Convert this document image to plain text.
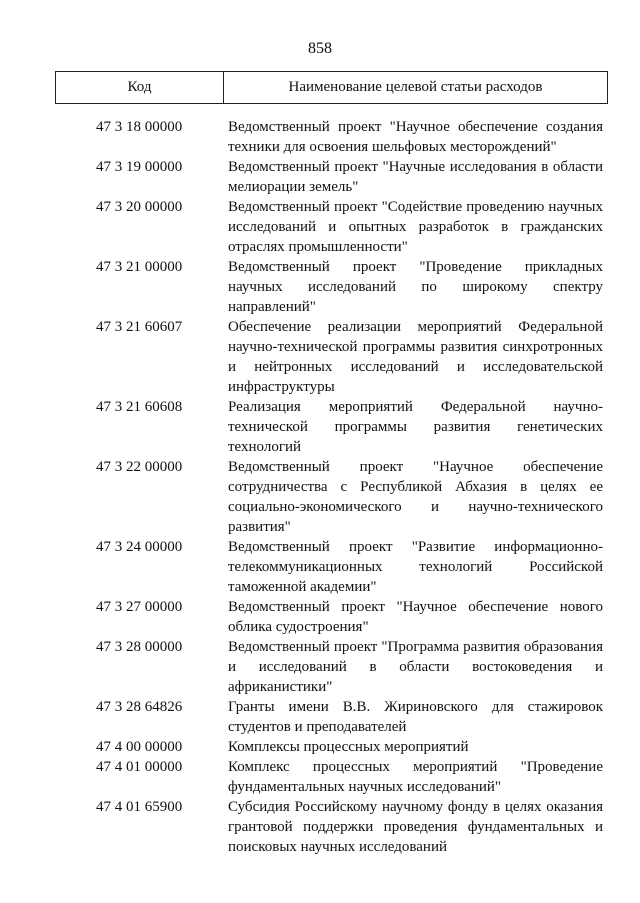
858
Код	Наименование целевой статьи расходов
47 3 18 00000	Ведомственный проект "Научное обеспечение создания техники для освоения шельфовых месторождений"
47 3 19 00000	Ведомственный проект "Научные исследования в области мелиорации земель"
47 3 20 00000	Ведомственный проект "Содействие проведению научных исследований и опытных разработок в гражданских отраслях промышленности"
47 3 21 00000	Ведомственный проект "Проведение прикладных научных исследований по широкому спектру направлений"
47 3 21 60607	Обеспечение реализации мероприятий Федеральной научно-технической программы развития синхротронных и нейтронных исследований и исследовательской инфраструктуры
47 3 21 60608	Реализация мероприятий Федеральной научно-технической программы развития генетических технологий
47 3 22 00000	Ведомственный проект "Научное обеспечение сотрудничества с Республикой Абхазия в целях ее социально-экономического и научно-технического развития"
47 3 24 00000	Ведомственный проект "Развитие информационно-телекоммуникационных технологий Российской таможенной академии"
47 3 27 00000	Ведомственный проект "Научное обеспечение нового облика судостроения"
47 3 28 00000	Ведомственный проект "Программа развития образования и исследований в области востоковедения и африканистики"
47 3 28 64826	Гранты имени В.В. Жириновского для стажировок студентов и преподавателей
47 4 00 00000	Комплексы процессных мероприятий
47 4 01 00000	Комплекс процессных мероприятий "Проведение фундаментальных научных исследований"
47 4 01 65900	Субсидия Российскому научному фонду в целях оказания грантовой поддержки проведения фундаментальных и поисковых научных исследований
